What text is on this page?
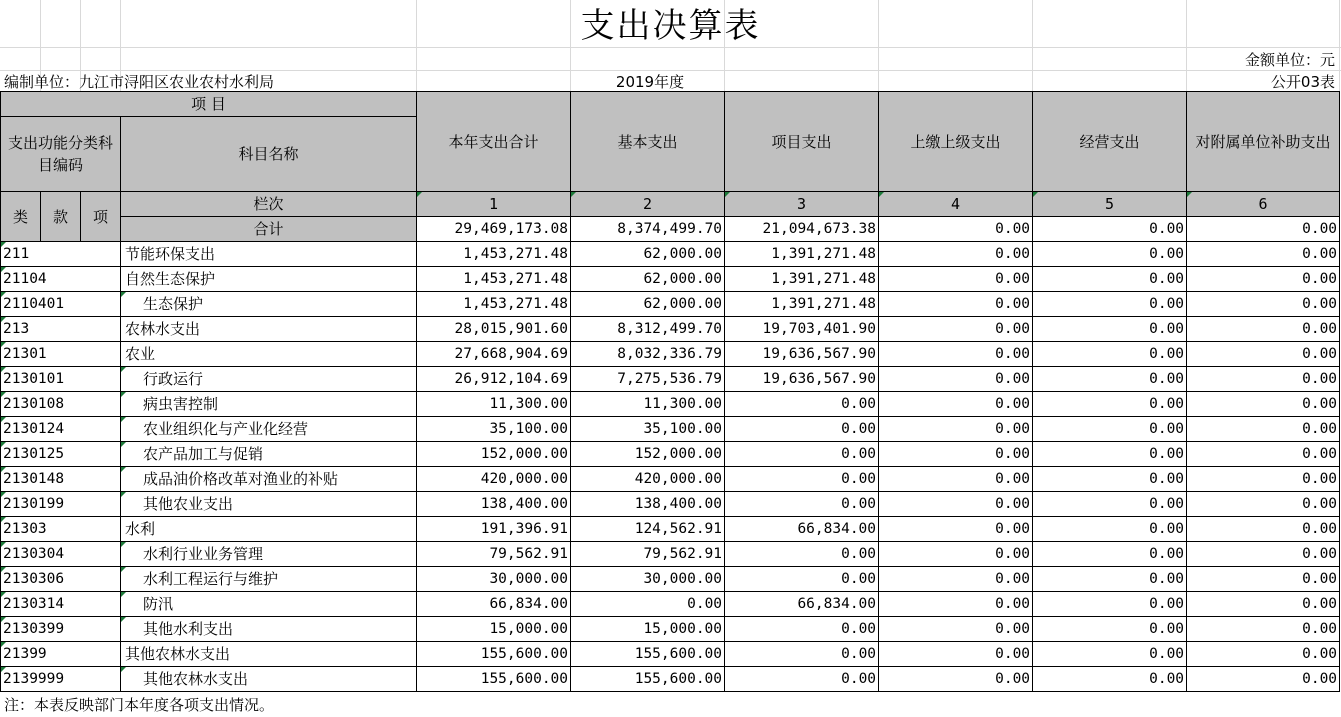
支出决算表
金额单位：元
编制单位：九江市浔阳区农业农村水利局	2019年度	公开03表
项 目				本年支出合计	基本支出	项目支出	上缴上级支出	经营支出	对附属单位补助支出
支出功能分类科目编码			科目名称						
类	款	项	栏次	1	2	3	4	5	6
			合计	29,469,173.08	8,374,499.70	21,094,673.38	0.00	0.00	0.00
211			节能环保支出	1,453,271.48	62,000.00	1,391,271.48	0.00	0.00	0.00
21104			自然生态保护	1,453,271.48	62,000.00	1,391,271.48	0.00	0.00	0.00
2110401			生态保护	1,453,271.48	62,000.00	1,391,271.48	0.00	0.00	0.00
213			农林水支出	28,015,901.60	8,312,499.70	19,703,401.90	0.00	0.00	0.00
21301			农业	27,668,904.69	8,032,336.79	19,636,567.90	0.00	0.00	0.00
2130101			行政运行	26,912,104.69	7,275,536.79	19,636,567.90	0.00	0.00	0.00
2130108			病虫害控制	11,300.00	11,300.00	0.00	0.00	0.00	0.00
2130124			农业组织化与产业化经营	35,100.00	35,100.00	0.00	0.00	0.00	0.00
2130125			农产品加工与促销	152,000.00	152,000.00	0.00	0.00	0.00	0.00
2130148			成品油价格改革对渔业的补贴	420,000.00	420,000.00	0.00	0.00	0.00	0.00
2130199			其他农业支出	138,400.00	138,400.00	0.00	0.00	0.00	0.00
21303			水利	191,396.91	124,562.91	66,834.00	0.00	0.00	0.00
2130304			水利行业业务管理	79,562.91	79,562.91	0.00	0.00	0.00	0.00
2130306			水利工程运行与维护	30,000.00	30,000.00	0.00	0.00	0.00	0.00
2130314			防汛	66,834.00	0.00	66,834.00	0.00	0.00	0.00
2130399			其他水利支出	15,000.00	15,000.00	0.00	0.00	0.00	0.00
21399			其他农林水支出	155,600.00	155,600.00	0.00	0.00	0.00	0.00
2139999			其他农林水支出	155,600.00	155,600.00	0.00	0.00	0.00	0.00
注：本表反映部门本年度各项支出情况。
